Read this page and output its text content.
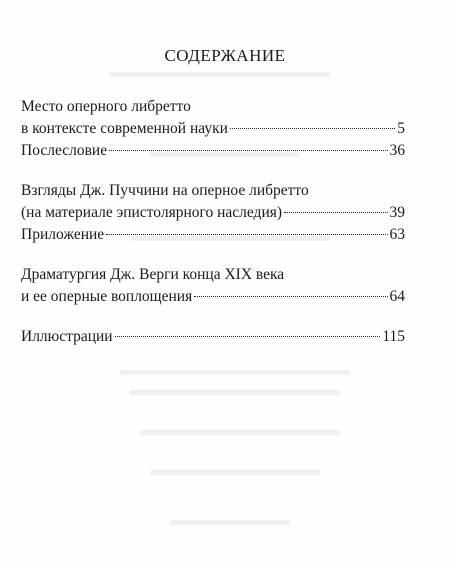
СОДЕРЖАНИЕ
Место оперного либретто
в контексте современной науки	5
Послесловие	36
Взгляды Дж. Пуччини на оперное либретто
(на материале эпистолярного наследия)	39
Приложение	63
Драматургия Дж. Верги конца XIX века
и ее оперные воплощения	64
Иллюстрации	115
